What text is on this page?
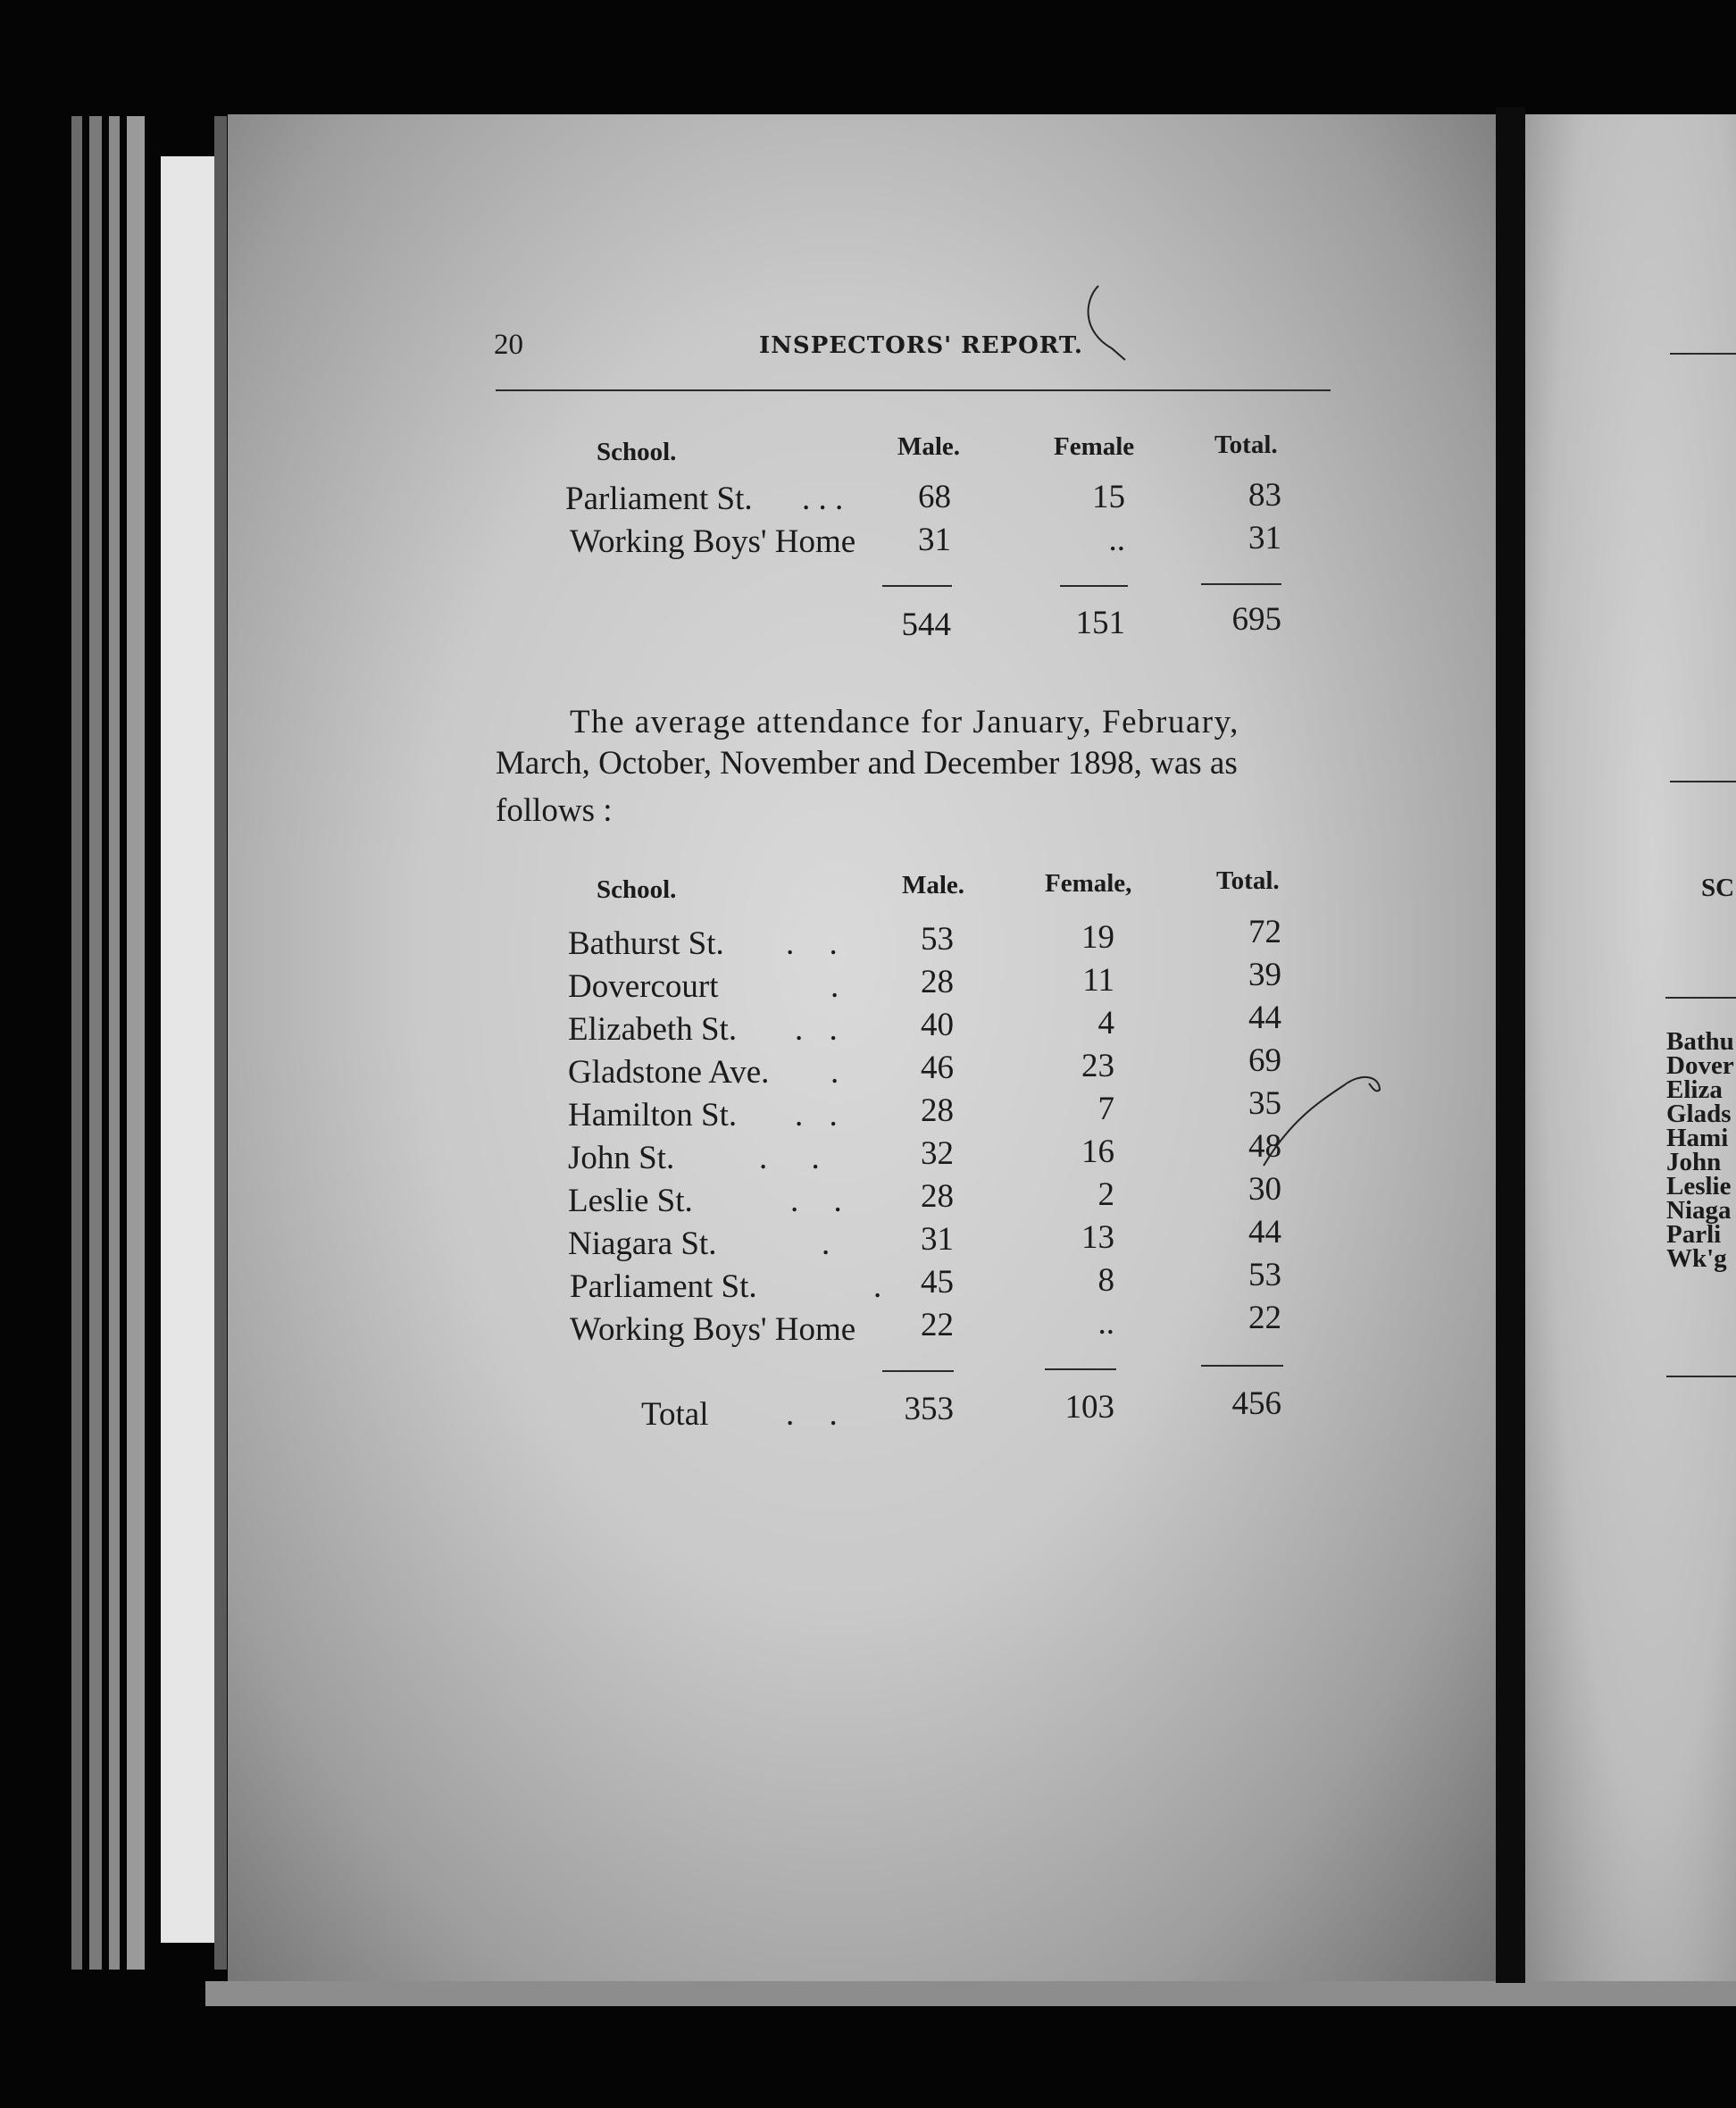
20	INSPECTORS' REPORT.
School.	Male.	Female	Total.
Parliament St. . . .	68	15	83
Working Boys' Home	31	..	31
544	151	695
The average attendance for January, February,
March, October, November and December 1898, was as
follows :
School.	Male.	Female,	Total.
Bathurst St. . .	53	19	72
Dovercourt	.	28	11	39
Elizabeth St. . .	40	4	44
Gladstone Ave. .	46	23	69
Hamilton St. . .	28	7	35
John St.	. .	32	16	48
Leslie St.	. .	28	2	30
Niagara St.	.	31	13	44
Parliament St.	.	45	8	53
Working Boys' Home	22	..	22
Total . .	353	103	456
SC
Bathu
Dover
Eliza
Glads
Hami
John
Leslie
Niaga
Parli
Wk'g
